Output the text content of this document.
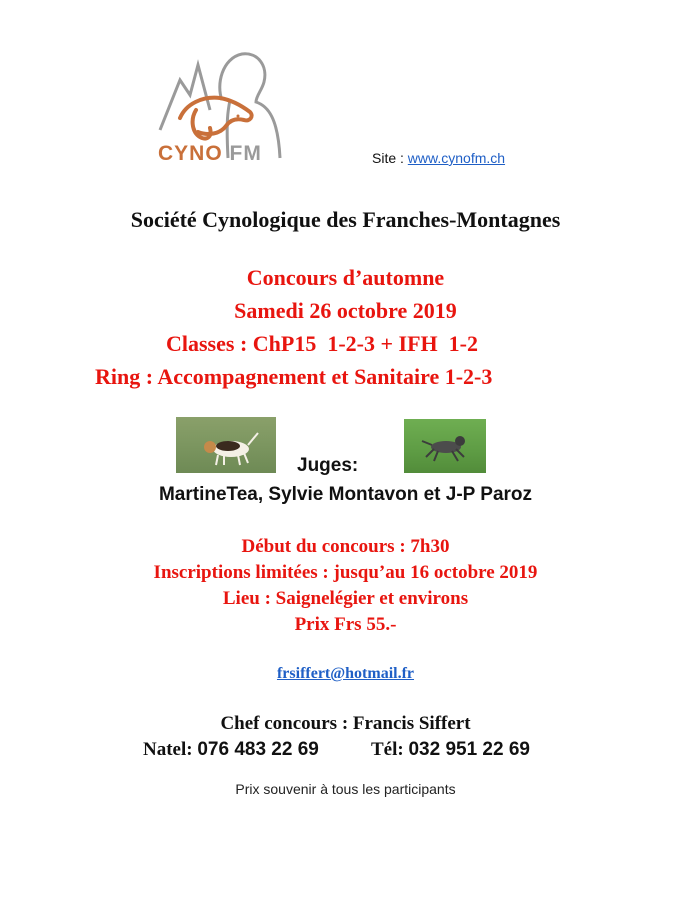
CYNO FM	Site : www.cynofm.ch
Société Cynologique des Franches-Montagnes
Concours d’automne
Samedi 26 octobre 2019
Classes : ChP15  1-2-3 + IFH  1-2
Ring : Accompagnement et Sanitaire 1-2-3
Juges:
MartineTea, Sylvie Montavon et J-P Paroz
Début du concours : 7h30
Inscriptions limitées : jusqu’au 16 octobre 2019
Lieu : Saignelégier et environs
Prix Frs 55.-
frsiffert@hotmail.fr
Chef concours : Francis Siffert
Natel: 076 483 22 69	Tél: 032 951 22 69
Prix souvenir à tous les participants
